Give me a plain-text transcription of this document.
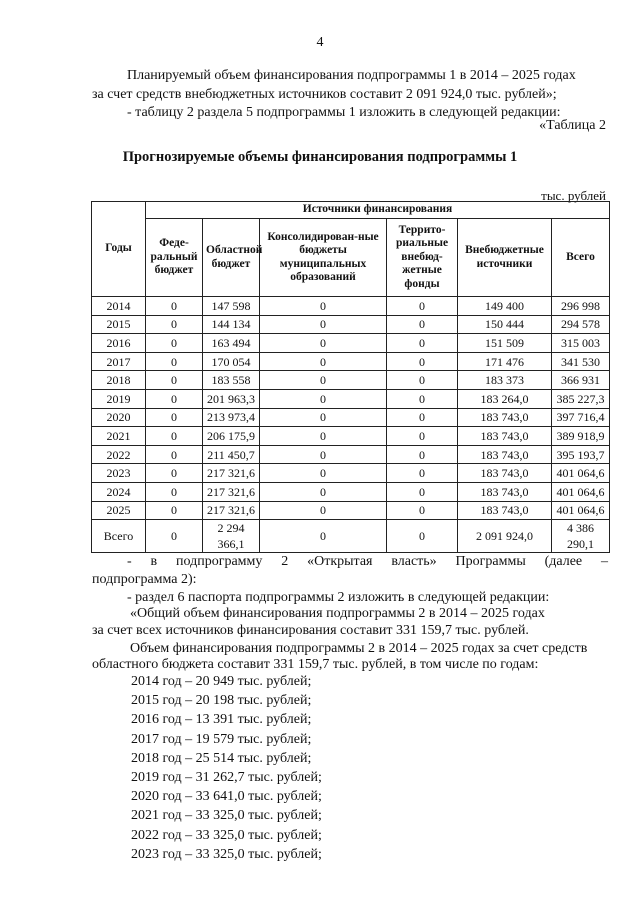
4
Планируемый объем финансирования подпрограммы 1 в 2014 – 2025 годах
за счет средств внебюджетных источников составит 2 091 924,0 тыс. рублей»;
- таблицу 2 раздела 5 подпрограммы 1 изложить в следующей редакции:
«Таблица 2
Прогнозируемые объемы финансирования подпрограммы 1
тыс. рублей
Годы	Источники финансирования					
	Феде-ральный бюджет	Областной бюджет	Консолидирован-ные бюджеты муниципальных образований	Террито-риальные внебюд-жетные фонды	Внебюджетные источники	Всего
2014	0	147 598	0	0	149 400	296 998
2015	0	144 134	0	0	150 444	294 578
2016	0	163 494	0	0	151 509	315 003
2017	0	170 054	0	0	171 476	341 530
2018	0	183 558	0	0	183 373	366 931
2019	0	201 963,3	0	0	183 264,0	385 227,3
2020	0	213 973,4	0	0	183 743,0	397 716,4
2021	0	206 175,9	0	0	183 743,0	389 918,9
2022	0	211 450,7	0	0	183 743,0	395 193,7
2023	0	217 321,6	0	0	183 743,0	401 064,6
2024	0	217 321,6	0	0	183 743,0	401 064,6
2025	0	217 321,6	0	0	183 743,0	401 064,6
Всего	0	2 294 366,1	0	0	2 091 924,0	4 386 290,1
- в подпрограмму 2 «Открытая власть» Программы (далее –
подпрограмма 2):
- раздел 6 паспорта подпрограммы 2 изложить в следующей редакции:
«Общий объем финансирования подпрограммы 2 в 2014 – 2025 годах
за счет всех источников финансирования составит 331 159,7 тыс. рублей.
Объем финансирования подпрограммы 2 в 2014 – 2025 годах за счет средств
областного бюджета составит 331 159,7 тыс. рублей, в том числе по годам:
2014 год – 20 949 тыс. рублей;
2015 год – 20 198 тыс. рублей;
2016 год – 13 391 тыс. рублей;
2017 год – 19 579 тыс. рублей;
2018 год – 25 514 тыс. рублей;
2019 год – 31 262,7 тыс. рублей;
2020 год – 33 641,0 тыс. рублей;
2021 год – 33 325,0 тыс. рублей;
2022 год – 33 325,0 тыс. рублей;
2023 год – 33 325,0 тыс. рублей;
